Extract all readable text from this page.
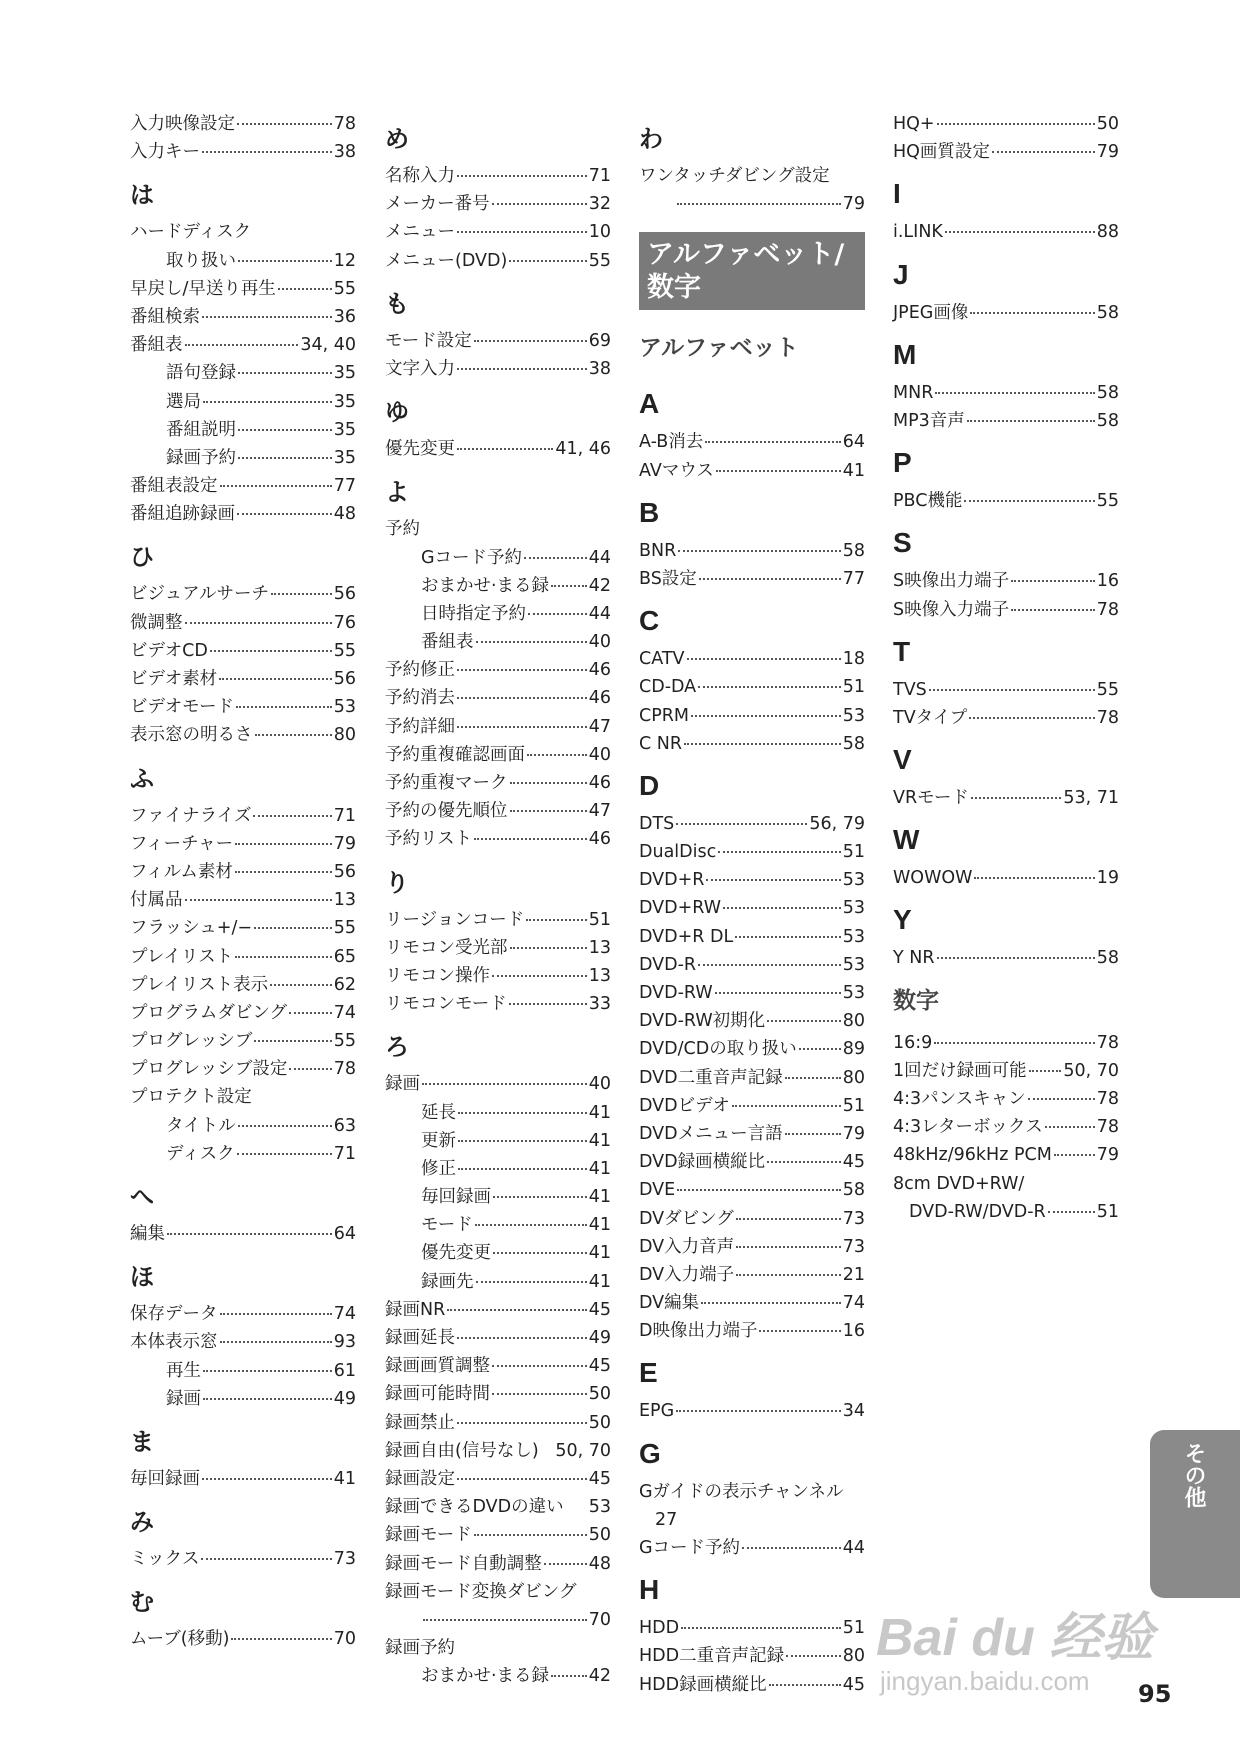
入力映像設定	78
入力キー	38
は
ハードディスク
取り扱い	12
早戻し/早送り再生	55
番組検索	36
番組表	34, 40
語句登録	35
選局	35
番組説明	35
録画予約	35
番組表設定	77
番組追跡録画	48
ひ
ビジュアルサーチ	56
微調整	76
ビデオCD	55
ビデオ素材	56
ビデオモード	53
表示窓の明るさ	80
ふ
ファイナライズ	71
フィーチャー	79
フィルム素材	56
付属品	13
フラッシュ+/−	55
プレイリスト	65
プレイリスト表示	62
プログラムダビング	74
プログレッシブ	55
プログレッシブ設定	78
プロテクト設定
タイトル	63
ディスク	71
へ
編集	64
ほ
保存データ	74
本体表示窓	93
再生	61
録画	49
ま
毎回録画	41
み
ミックス	73
む
ムーブ(移動)	70
め
名称入力	71
メーカー番号	32
メニュー	10
メニュー(DVD)	55
も
モード設定	69
文字入力	38
ゆ
優先変更	41, 46
よ
予約
Gコード予約	44
おまかせ·まる録 42
日時指定予約	44
番組表	40
予約修正	46
予約消去	46
予約詳細	47
予約重複確認画面	40
予約重複マーク	46
予約の優先順位	47
予約リスト	46
り
リージョンコード	51
リモコン受光部	13
リモコン操作	13
リモコンモード	33
ろ
録画	40
延長	41
更新	41
修正	41
毎回録画	41
モード	41
優先変更	41
録画先	41
録画NR	45
録画延長	49
録画画質調整	45
録画可能時間	50
録画禁止	50
録画自由(信号なし) 50, 70
録画設定	45
録画できるDVDの違い 53
録画モード	50
録画モード自動調整	48
録画モード変換ダビング
70
録画予約
おまかせ·まる録 42
わ
ワンタッチダビング設定
79
アルファベット/
数字
アルファベット
A
A-B消去	64
AVマウス	41
B
BNR	58
BS設定	77
C
CATV	18
CD-DA	51
CPRM	53
C NR	58
D
DTS	56, 79
DualDisc	51
DVD+R	53
DVD+RW	53
DVD+R DL	53
DVD-R	53
DVD-RW	53
DVD-RW初期化	80
DVD/CDの取り扱い	89
DVD二重音声記録	80
DVDビデオ	51
DVDメニュー言語	79
DVD録画横縦比	45
DVE	58
DVダビング	73
DV入力音声	73
DV入力端子	21
DV編集	74
D映像出力端子	16
E
EPG	34
G
Gガイドの表示チャンネル
27
Gコード予約	44
H
HDD	51
HDD二重音声記録	80
HDD録画横縦比	45
HQ+	50
HQ画質設定	79
I
i.LINK	88
J
JPEG画像	58
M
MNR	58
MP3音声	58
P
PBC機能	55
S
S映像出力端子	16
S映像入力端子	78
T
TVS	55
TVタイプ	78
V
VRモード	53, 71
W
WOWOW	19
Y
Y NR	58
数字
16:9	78
1回だけ録画可能 50, 70
4:3パンスキャン	78
4:3レターボックス	78
48kHz/96kHz PCM	79
8cm DVD+RW/
DVD-RW/DVD-R	51
その他
Bai du 经验
jingyan.baidu.com	95
